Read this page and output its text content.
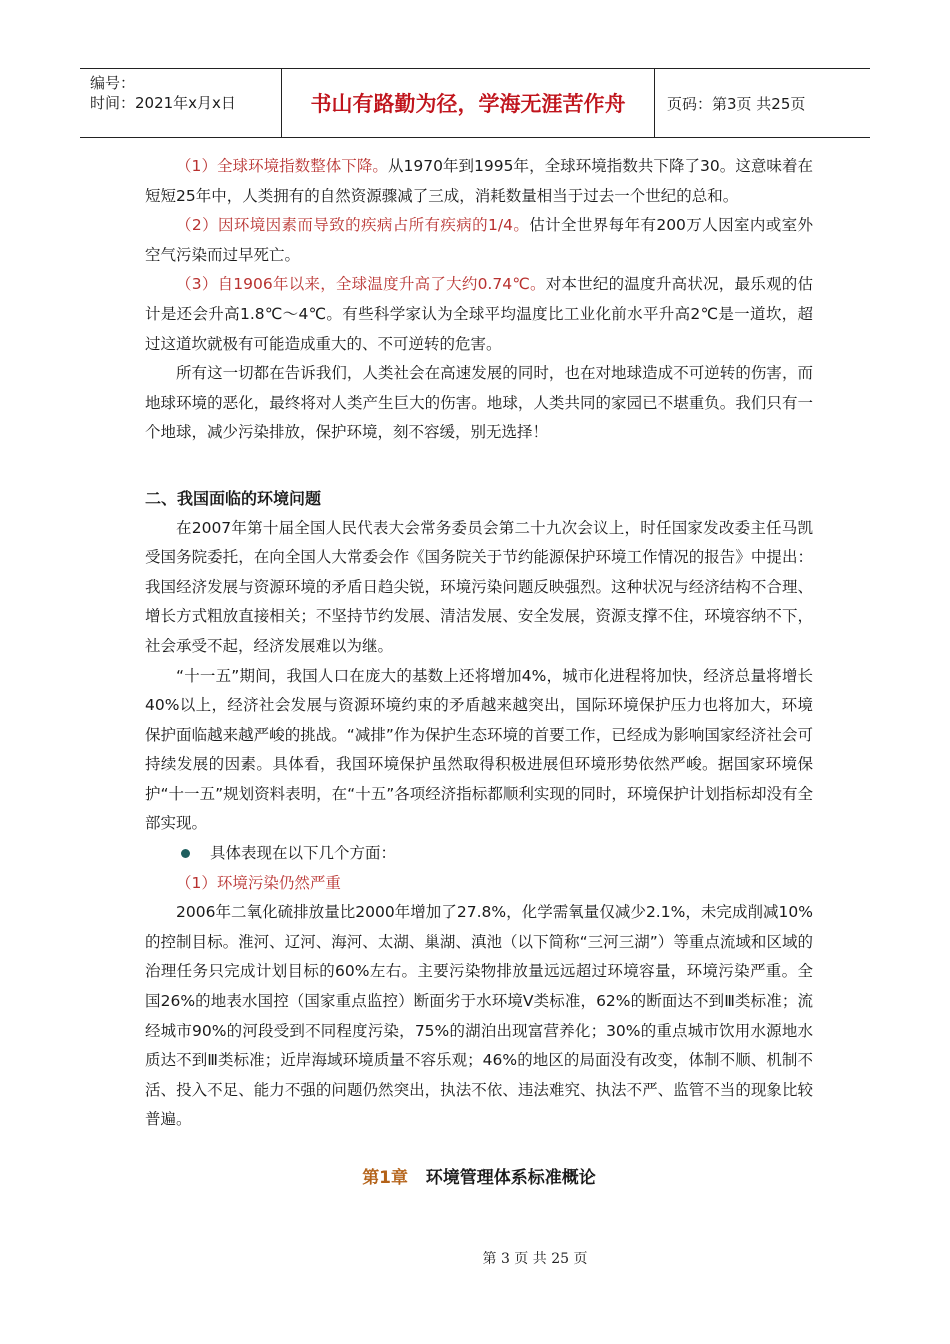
编号：
时间：2021年x月x日	书山有路勤为径，学海无涯苦作舟	页码：第3页 共25页

（1）全球环境指数整体下降。从1970年到1995年，全球环境指数共下降了30。这意味着在短短25年中，人类拥有的自然资源骤减了三成，消耗数量相当于过去一个世纪的总和。

（2）因环境因素而导致的疾病占所有疾病的1/4。估计全世界每年有200万人因室内或室外空气污染而过早死亡。

（3）自1906年以来，全球温度升高了大约0.74℃。对本世纪的温度升高状况，最乐观的估计是还会升高1.8℃～4℃。有些科学家认为全球平均温度比工业化前水平升高2℃是一道坎，超过这道坎就极有可能造成重大的、不可逆转的危害。

所有这一切都在告诉我们，人类社会在高速发展的同时，也在对地球造成不可逆转的伤害，而地球环境的恶化，最终将对人类产生巨大的伤害。地球，人类共同的家园已不堪重负。我们只有一个地球，减少污染排放，保护环境，刻不容缓，别无选择！

二、我国面临的环境问题

在2007年第十届全国人民代表大会常务委员会第二十九次会议上，时任国家发改委主任马凯受国务院委托，在向全国人大常委会作《国务院关于节约能源保护环境工作情况的报告》中提出：我国经济发展与资源环境的矛盾日趋尖锐，环境污染问题反映强烈。这种状况与经济结构不合理、增长方式粗放直接相关；不坚持节约发展、清洁发展、安全发展，资源支撑不住，环境容纳不下，社会承受不起，经济发展难以为继。

“十一五”期间，我国人口在庞大的基数上还将增加4%，城市化进程将加快，经济总量将增长40%以上，经济社会发展与资源环境约束的矛盾越来越突出，国际环境保护压力也将加大，环境保护面临越来越严峻的挑战。“减排”作为保护生态环境的首要工作，已经成为影响国家经济社会可持续发展的因素。具体看，我国环境保护虽然取得积极进展但环境形势依然严峻。据国家环境保护“十一五”规划资料表明，在“十五”各项经济指标都顺利实现的同时，环境保护计划指标却没有全部实现。

具体表现在以下几个方面：

（1）环境污染仍然严重

2006年二氧化硫排放量比2000年增加了27.8%，化学需氧量仅减少2.1%，未完成削减10%的控制目标。淮河、辽河、海河、太湖、巢湖、滇池（以下简称“三河三湖”）等重点流域和区域的治理任务只完成计划目标的60%左右。主要污染物排放量远远超过环境容量，环境污染严重。全国26%的地表水国控（国家重点监控）断面劣于水环境V类标准，62%的断面达不到Ⅲ类标准；流经城市90%的河段受到不同程度污染，75%的湖泊出现富营养化；30%的重点城市饮用水源地水质达不到Ⅲ类标准；近岸海域环境质量不容乐观；46%的地区的局面没有改变，体制不顺、机制不活、投入不足、能力不强的问题仍然突出，执法不依、违法难究、执法不严、监管不当的现象比较普遍。

第1章 环境管理体系标准概论
第 3 页 共 25 页
